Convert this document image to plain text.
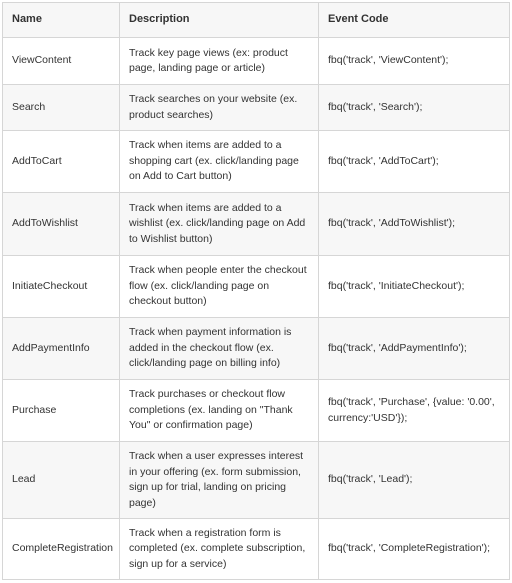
Name	Description	Event Code
ViewContent	Track key page views (ex: product page, landing page or article)	fbq('track', 'ViewContent');
Search	Track searches on your website (ex. product searches)	fbq('track', 'Search');
AddToCart	Track when items are added to a shopping cart (ex. click/landing page on Add to Cart button)	fbq('track', 'AddToCart');
AddToWishlist	Track when items are added to a wishlist (ex. click/landing page on Add to Wishlist button)	fbq('track', 'AddToWishlist');
InitiateCheckout	Track when people enter the checkout flow (ex. click/landing page on checkout button)	fbq('track', 'InitiateCheckout');
AddPaymentInfo	Track when payment information is added in the checkout flow (ex. click/landing page on billing info)	fbq('track', 'AddPaymentInfo');
Purchase	Track purchases or checkout flow completions (ex. landing on "Thank You" or confirmation page)	fbq('track', 'Purchase', {value: '0.00', currency:'USD'});
Lead	Track when a user expresses interest in your offering (ex. form submission, sign up for trial, landing on pricing page)	fbq('track', 'Lead');
CompleteRegistration	Track when a registration form is completed (ex. complete subscription, sign up for a service)	fbq('track', 'CompleteRegistration');
